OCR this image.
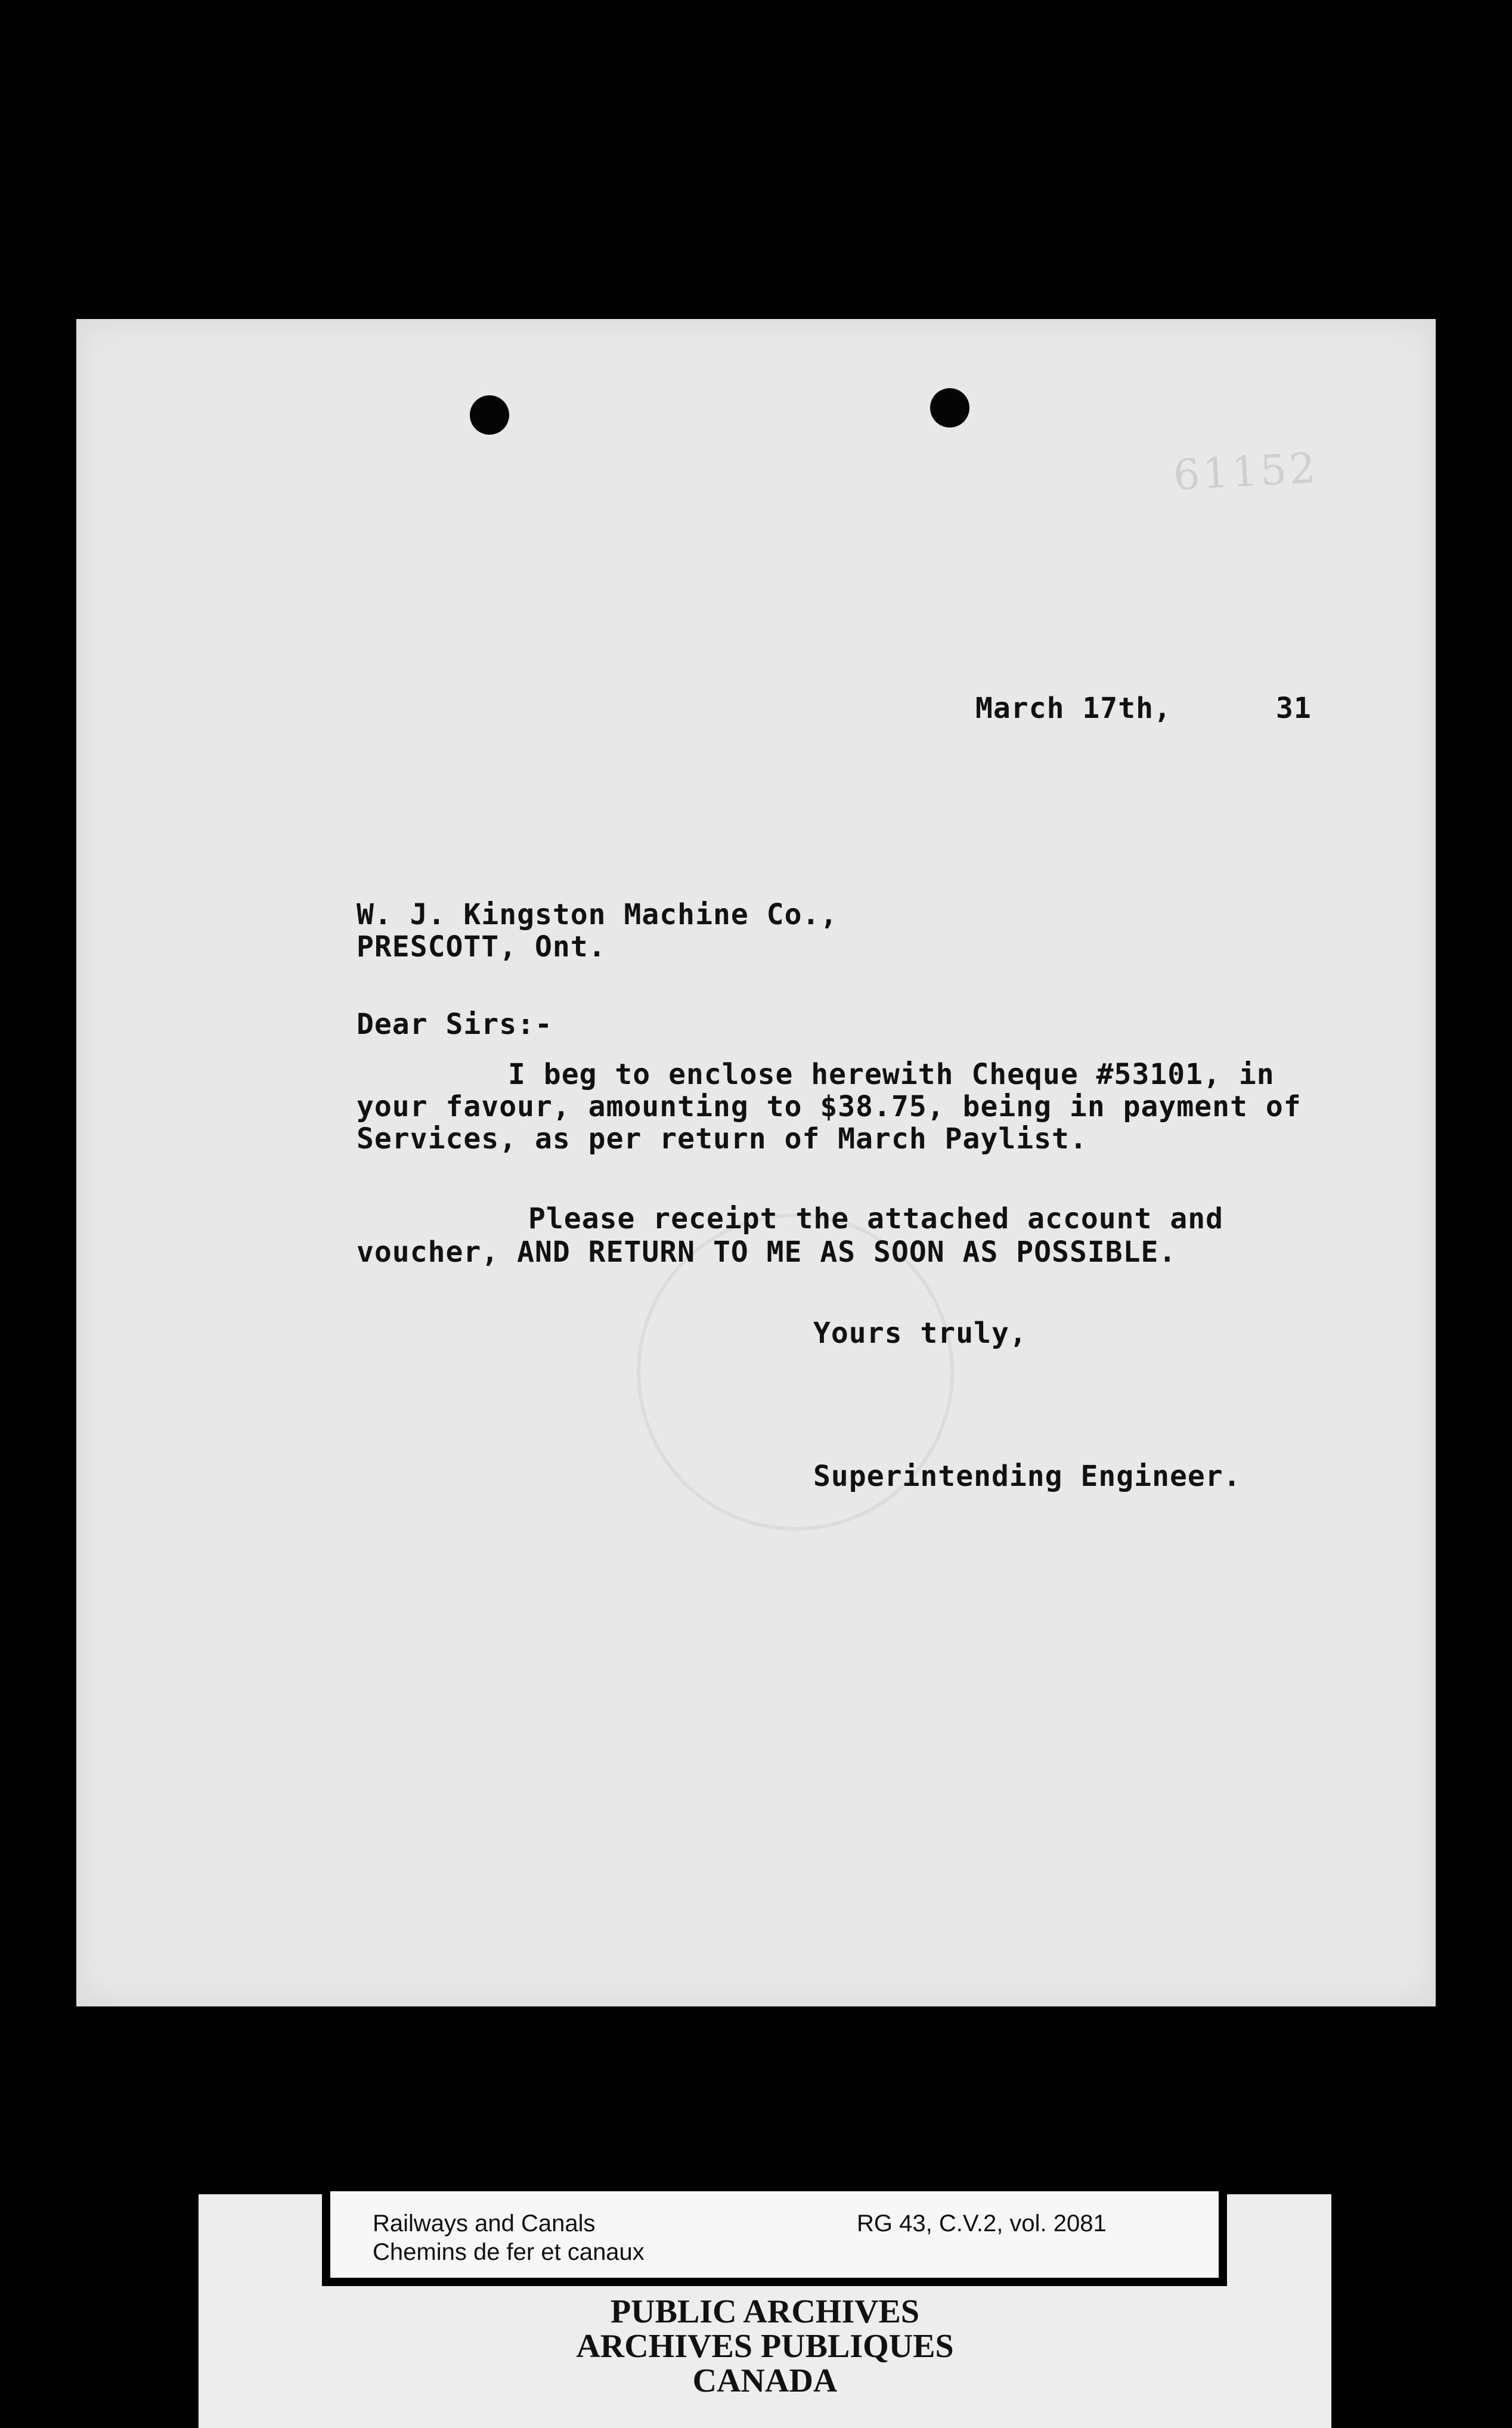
61152
March 17th,	31
W. J. Kingston Machine Co.,
PRESCOTT, Ont.
Dear Sirs:-
I beg to enclose herewith Cheque #53101, in
your favour, amounting to $38.75, being in payment of
Services, as per return of March Paylist.
Please receipt the attached account and
voucher, AND RETURN TO ME AS SOON AS POSSIBLE.
Yours truly,
Superintending Engineer.
Railways and Canals
Chemins de fer et canaux
RG 43, C.V.2, vol. 2081
PUBLIC ARCHIVES
ARCHIVES PUBLIQUES
CANADA
